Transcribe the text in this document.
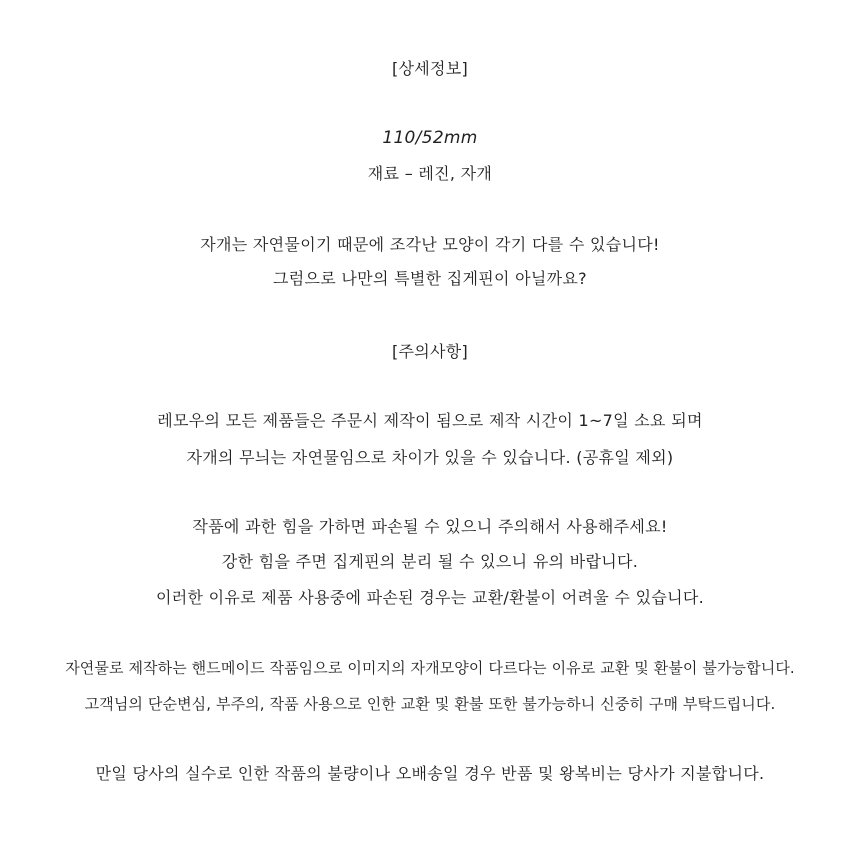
[상세정보]
110/52mm
재료 – 레진, 자개
자개는 자연물이기 때문에 조각난 모양이 각기 다를 수 있습니다!
그럼으로 나만의 특별한 집게핀이 아닐까요?
[주의사항]
레모우의 모든 제품들은 주문시 제작이 됨으로 제작 시간이 1~7일 소요 되며
자개의 무늬는 자연물임으로 차이가 있을 수 있습니다. (공휴일 제외)
작품에 과한 힘을 가하면 파손될 수 있으니 주의해서 사용해주세요!
강한 힘을 주면 집게핀의 분리 될 수 있으니 유의 바랍니다.
이러한 이유로 제품 사용중에 파손된 경우는 교환/환불이 어려울 수 있습니다.
자연물로 제작하는 핸드메이드 작품임으로 이미지의 자개모양이 다르다는 이유로 교환 및 환불이 불가능합니다.
고객님의 단순변심, 부주의, 작품 사용으로 인한 교환 및 환불 또한 불가능하니 신중히 구매 부탁드립니다.
만일 당사의 실수로 인한 작품의 불량이나 오배송일 경우 반품 및 왕복비는 당사가 지불합니다.
